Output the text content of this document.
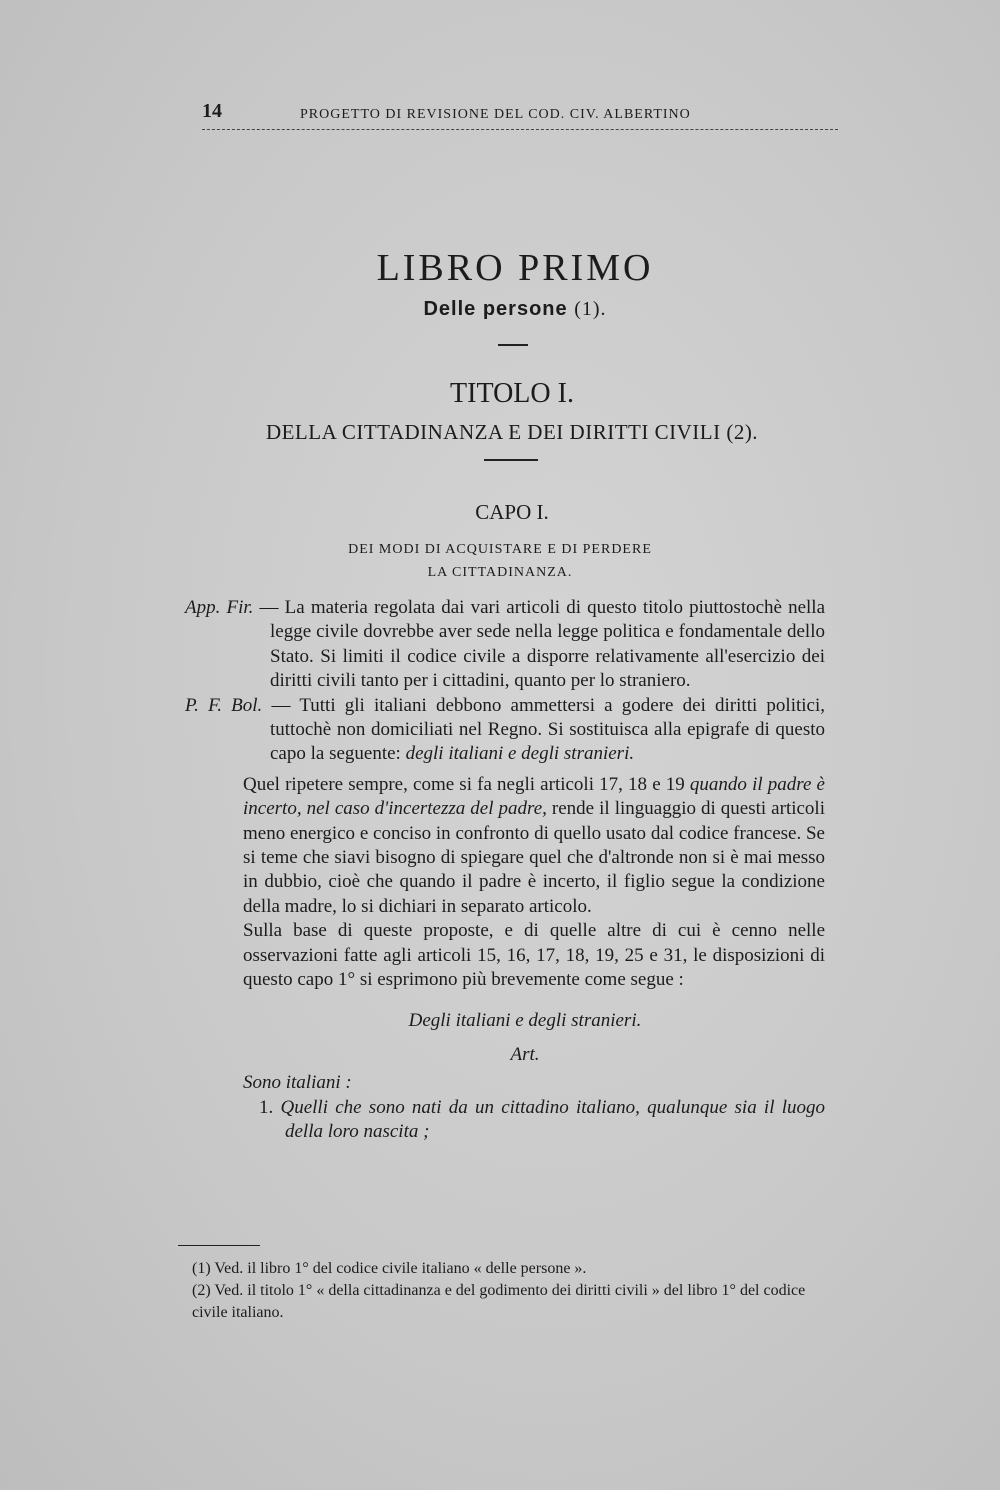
14	PROGETTO DI REVISIONE DEL COD. CIV. ALBERTINO
LIBRO PRIMO
Delle persone (1).
TITOLO I.
DELLA CITTADINANZA E DEI DIRITTI CIVILI (2).
CAPO I.
DEI MODI DI ACQUISTARE E DI PERDERE
LA CITTADINANZA.
App. Fir. — La materia regolata dai vari articoli di questo titolo piuttostochè nella legge civile dovrebbe aver sede nella legge politica e fondamentale dello Stato. Si limiti il codice civile a disporre relativamente all'esercizio dei diritti civili tanto per i cittadini, quanto per lo straniero.
P. F. Bol. — Tutti gli italiani debbono ammettersi a godere dei diritti politici, tuttochè non domiciliati nel Regno. Si sostituisca alla epigrafe di questo capo la seguente: degli italiani e degli stranieri.
Quel ripetere sempre, come si fa negli articoli 17, 18 e 19 quando il padre è incerto, nel caso d'incertezza del padre, rende il linguaggio di questi articoli meno energico e conciso in confronto di quello usato dal codice francese. Se si teme che siavi bisogno di spiegare quel che d'altronde non si è mai messo in dubbio, cioè che quando il padre è incerto, il figlio segue la condizione della madre, lo si dichiari in separato articolo.
Sulla base di queste proposte, e di quelle altre di cui è cenno nelle osservazioni fatte agli articoli 15, 16, 17, 18, 19, 25 e 31, le disposizioni di questo capo 1° si esprimono più brevemente come segue :
Degli italiani e degli stranieri.
Art.
Sono italiani :
1. Quelli che sono nati da un cittadino italiano, qualunque sia il luogo della loro nascita ;
(1) Ved. il libro 1° del codice civile italiano « delle persone ».
(2) Ved. il titolo 1° « della cittadinanza e del godimento dei diritti civili » del libro 1° del codice civile italiano.
